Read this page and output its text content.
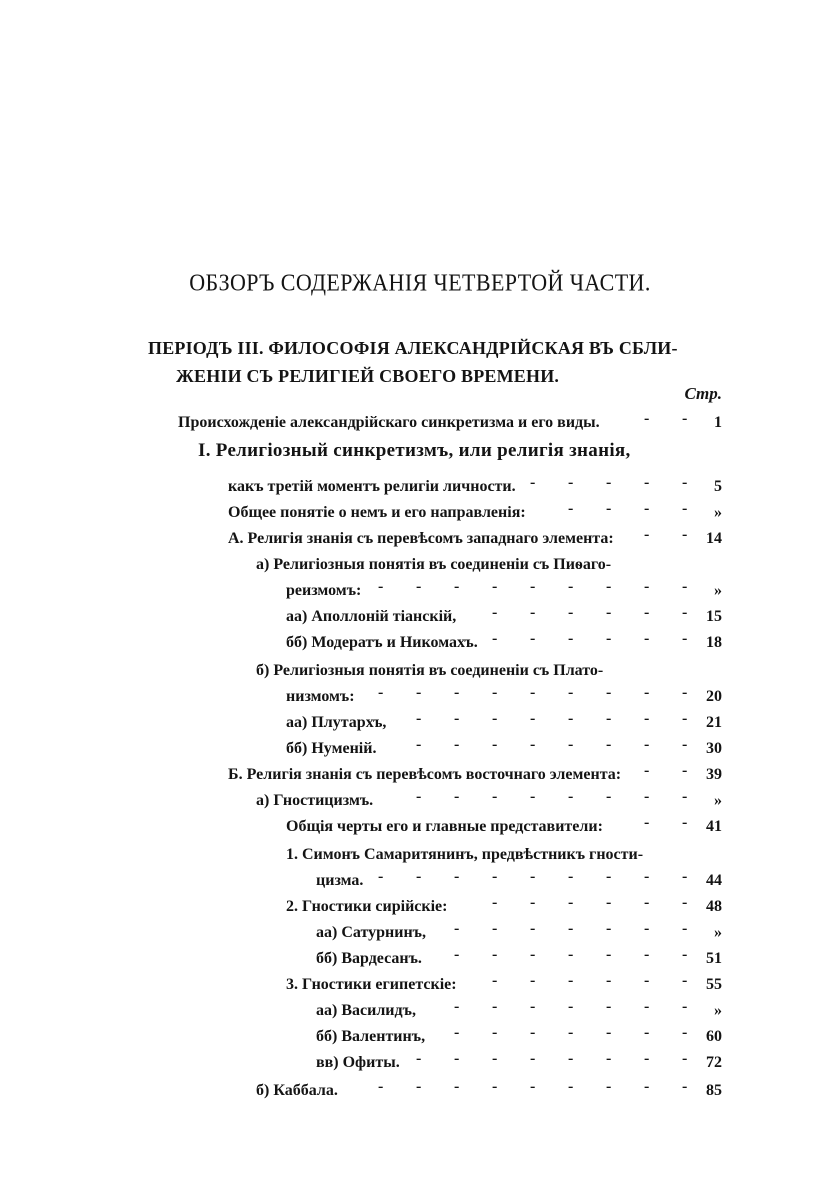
ОБЗОРЪ СОДЕРЖАНІЯ ЧЕТВЕРТОЙ ЧАСТИ.
ПЕРІОДЪ III. ФИЛОСОФІЯ АЛЕКСАНДРІЙСКАЯ ВЪ СБЛИ-
ЖЕНІИ СЪ РЕЛИГІЕЙ СВОЕГО ВРЕМЕНИ.
Стр.
Происхожденіе александрійскаго синкретизма и его виды.	1
- -
I. Религіозный синкретизмъ, или религія знанія,
какъ третій моментъ религіи личности.	5
- - - - -
Общее понятіе о немъ и его направленія:	»
- - - -
А. Религія знанія съ перевѣсомъ западнаго элемента:	14
- -
а) Религіозныя понятія въ соединеніи съ Пиѳаго-
реизмомъ:	»
- - - - - - - - -
аа) Аполлоній тіанскій,	15
- - - - - -
бб) Модератъ и Никомахъ.	18
- - - - - -
б) Религіозныя понятія въ соединеніи съ Плато-
низмомъ:	20
- - - - - - - - -
аа) Плутархъ,	21
- - - - - - - -
бб) Нуменій.	30
- - - - - - - -
Б. Религія знанія съ перевѣсомъ восточнаго элемента:	39
- -
а) Гностицизмъ.	»
- - - - - - - -
Общія черты его и главные представители:	41
- -
1. Симонъ Самаритянинъ, предвѣстникъ гности-
цизма.	44
- - - - - - - - -
2. Гностики сирійскіе:	48
- - - - - -
аа) Сатурнинъ,	»
- - - - - - -
бб) Вардесанъ.	51
- - - - - - -
3. Гностики египетскіе:	55
- - - - - -
аа) Василидъ,	»
- - - - - - -
бб) Валентинъ,	60
- - - - - - -
вв) Офиты.	72
- - - - - - - -
б) Каббала.	85
- - - - - - - - -
